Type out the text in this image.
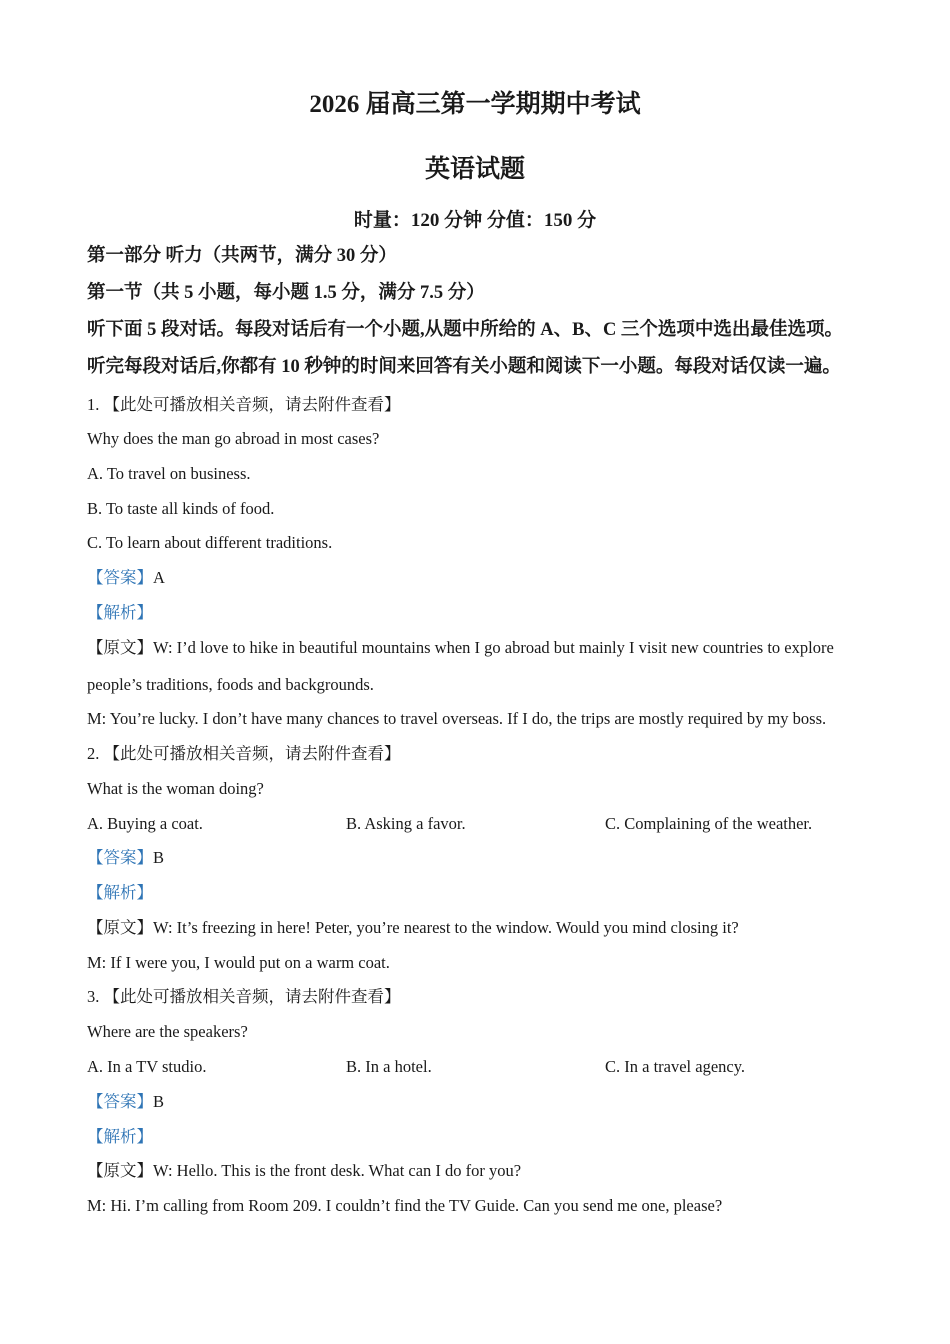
2026 届高三第一学期期中考试
英语试题
时量：120 分钟 分值：150 分
第一部分 听力（共两节，满分 30 分）
第一节（共 5 小题，每小题 1.5 分，满分 7.5 分）
听下面 5 段对话。每段对话后有一个小题,从题中所给的 A、B、C 三个选项中选出最佳选项。
听完每段对话后,你都有 10 秒钟的时间来回答有关小题和阅读下一小题。每段对话仅读一遍。
1. 【此处可播放相关音频，请去附件查看】
Why does the man go abroad in most cases?
A. To travel on business.
B. To taste all kinds of food.
C. To learn about different traditions.
【答案】A
【解析】
【原文】W: I’d love to hike in beautiful mountains when I go abroad but mainly I visit new countries to explore
people’s traditions, foods and backgrounds.
M: You’re lucky. I don’t have many chances to travel overseas. If I do, the trips are mostly required by my boss.
2. 【此处可播放相关音频，请去附件查看】
What is the woman doing?
A. Buying a coat.	B. Asking a favor.	C. Complaining of the weather.
【答案】B
【解析】
【原文】W: It’s freezing in here! Peter, you’re nearest to the window. Would you mind closing it?
M: If I were you, I would put on a warm coat.
3. 【此处可播放相关音频，请去附件查看】
Where are the speakers?
A. In a TV studio.	B. In a hotel.	C. In a travel agency.
【答案】B
【解析】
【原文】W: Hello. This is the front desk. What can I do for you?
M: Hi. I’m calling from Room 209. I couldn’t find the TV Guide. Can you send me one, please?
